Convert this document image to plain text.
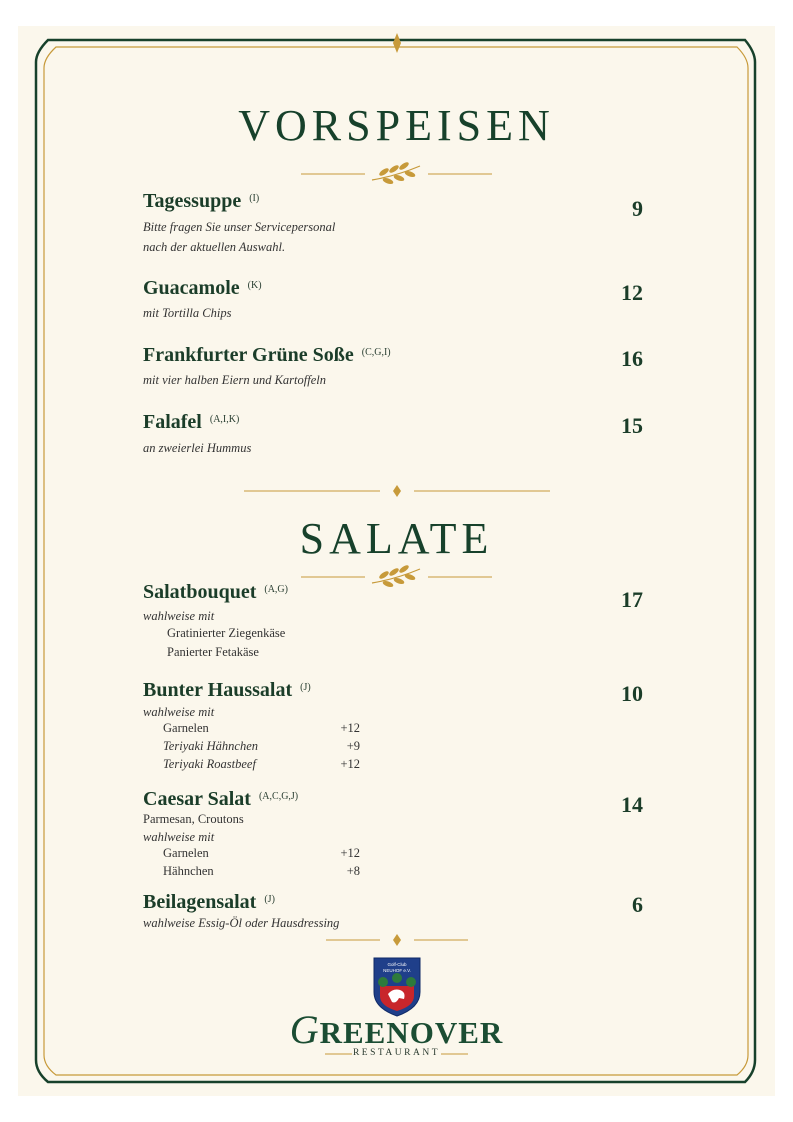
Golf-Club
NEUHOF e.V.
VORSPEISEN
SALATE
Tagessuppe $^{(I)}$	9
Bitte fragen Sie unser Servicepersonal
nach der aktuellen Auswahl.
Guacamole $^{(K)}$	12
mit Tortilla Chips
Frankfurter Grüne Soße $^{(C,G,I)}$	16
mit vier halben Eiern und Kartoffeln
Falafel $^{(A,I,K)}$	15
an zweierlei Hummus
Salatbouquet $^{(A,G)}$	17
wahlweise mit
Gratinierter Ziegenkäse
Panierter Fetakäse
Bunter Haussalat $^{(J)}$	10
wahlweise mit
Garnelen	+12
Teriyaki Hähnchen	+9
Teriyaki Roastbeef	+12
Caesar Salat $^{(A,C,G,J)}$	14
Parmesan, Croutons
wahlweise mit
Garnelen	+12
Hähnchen	+8
Beilagensalat $^{(J)}$	6
wahlweise Essig-Öl oder Hausdressing
GREENOVER
RESTAURANT
